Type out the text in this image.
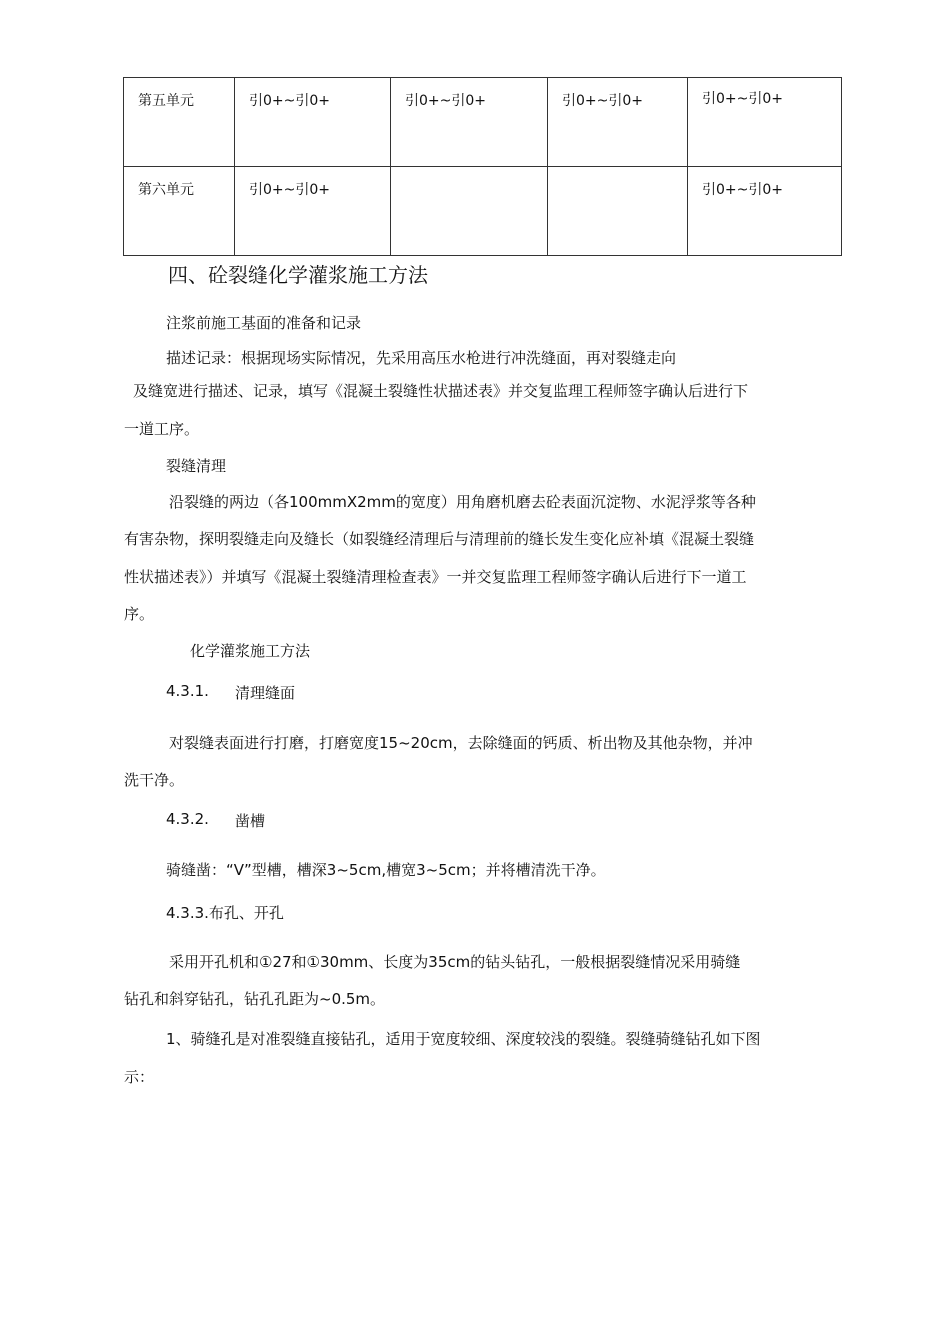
第五单元	引0+~引0+	引0+~引0+	引0+~引0+	引0+~引0+
第六单元	引0+~引0+			引0+~引0+
四、砼裂缝化学灌浆施工方法
注浆前施工基面的准备和记录
描述记录：根据现场实际情况，先采用高压水枪进行冲洗缝面，再对裂缝走向
及缝宽进行描述、记录，填写《混凝土裂缝性状描述表》并交复监理工程师签字确认后进行下
一道工序。
裂缝清理
沿裂缝的两边（各100mmX2mm的宽度）用角磨机磨去砼表面沉淀物、水泥浮浆等各种
有害杂物，探明裂缝走向及缝长（如裂缝经清理后与清理前的缝长发生变化应补填《混凝土裂缝
性状描述表》）并填写《混凝土裂缝清理检查表》一并交复监理工程师签字确认后进行下一道工
序。
化学灌浆施工方法
4.3.1. 清理缝面
对裂缝表面进行打磨，打磨宽度15~20cm，去除缝面的钙质、析出物及其他杂物，并冲
洗干净。
4.3.2. 凿槽
骑缝凿：“V”型槽，槽深3~5cm,槽宽3~5cm；并将槽清洗干净。
4.3.3.布孔、开孔
采用开孔机和①27和①30mm、长度为35cm的钻头钻孔，一般根据裂缝情况采用骑缝
钻孔和斜穿钻孔，钻孔孔距为~0.5m。
1、骑缝孔是对准裂缝直接钻孔，适用于宽度较细、深度较浅的裂缝。裂缝骑缝钻孔如下图
示：
